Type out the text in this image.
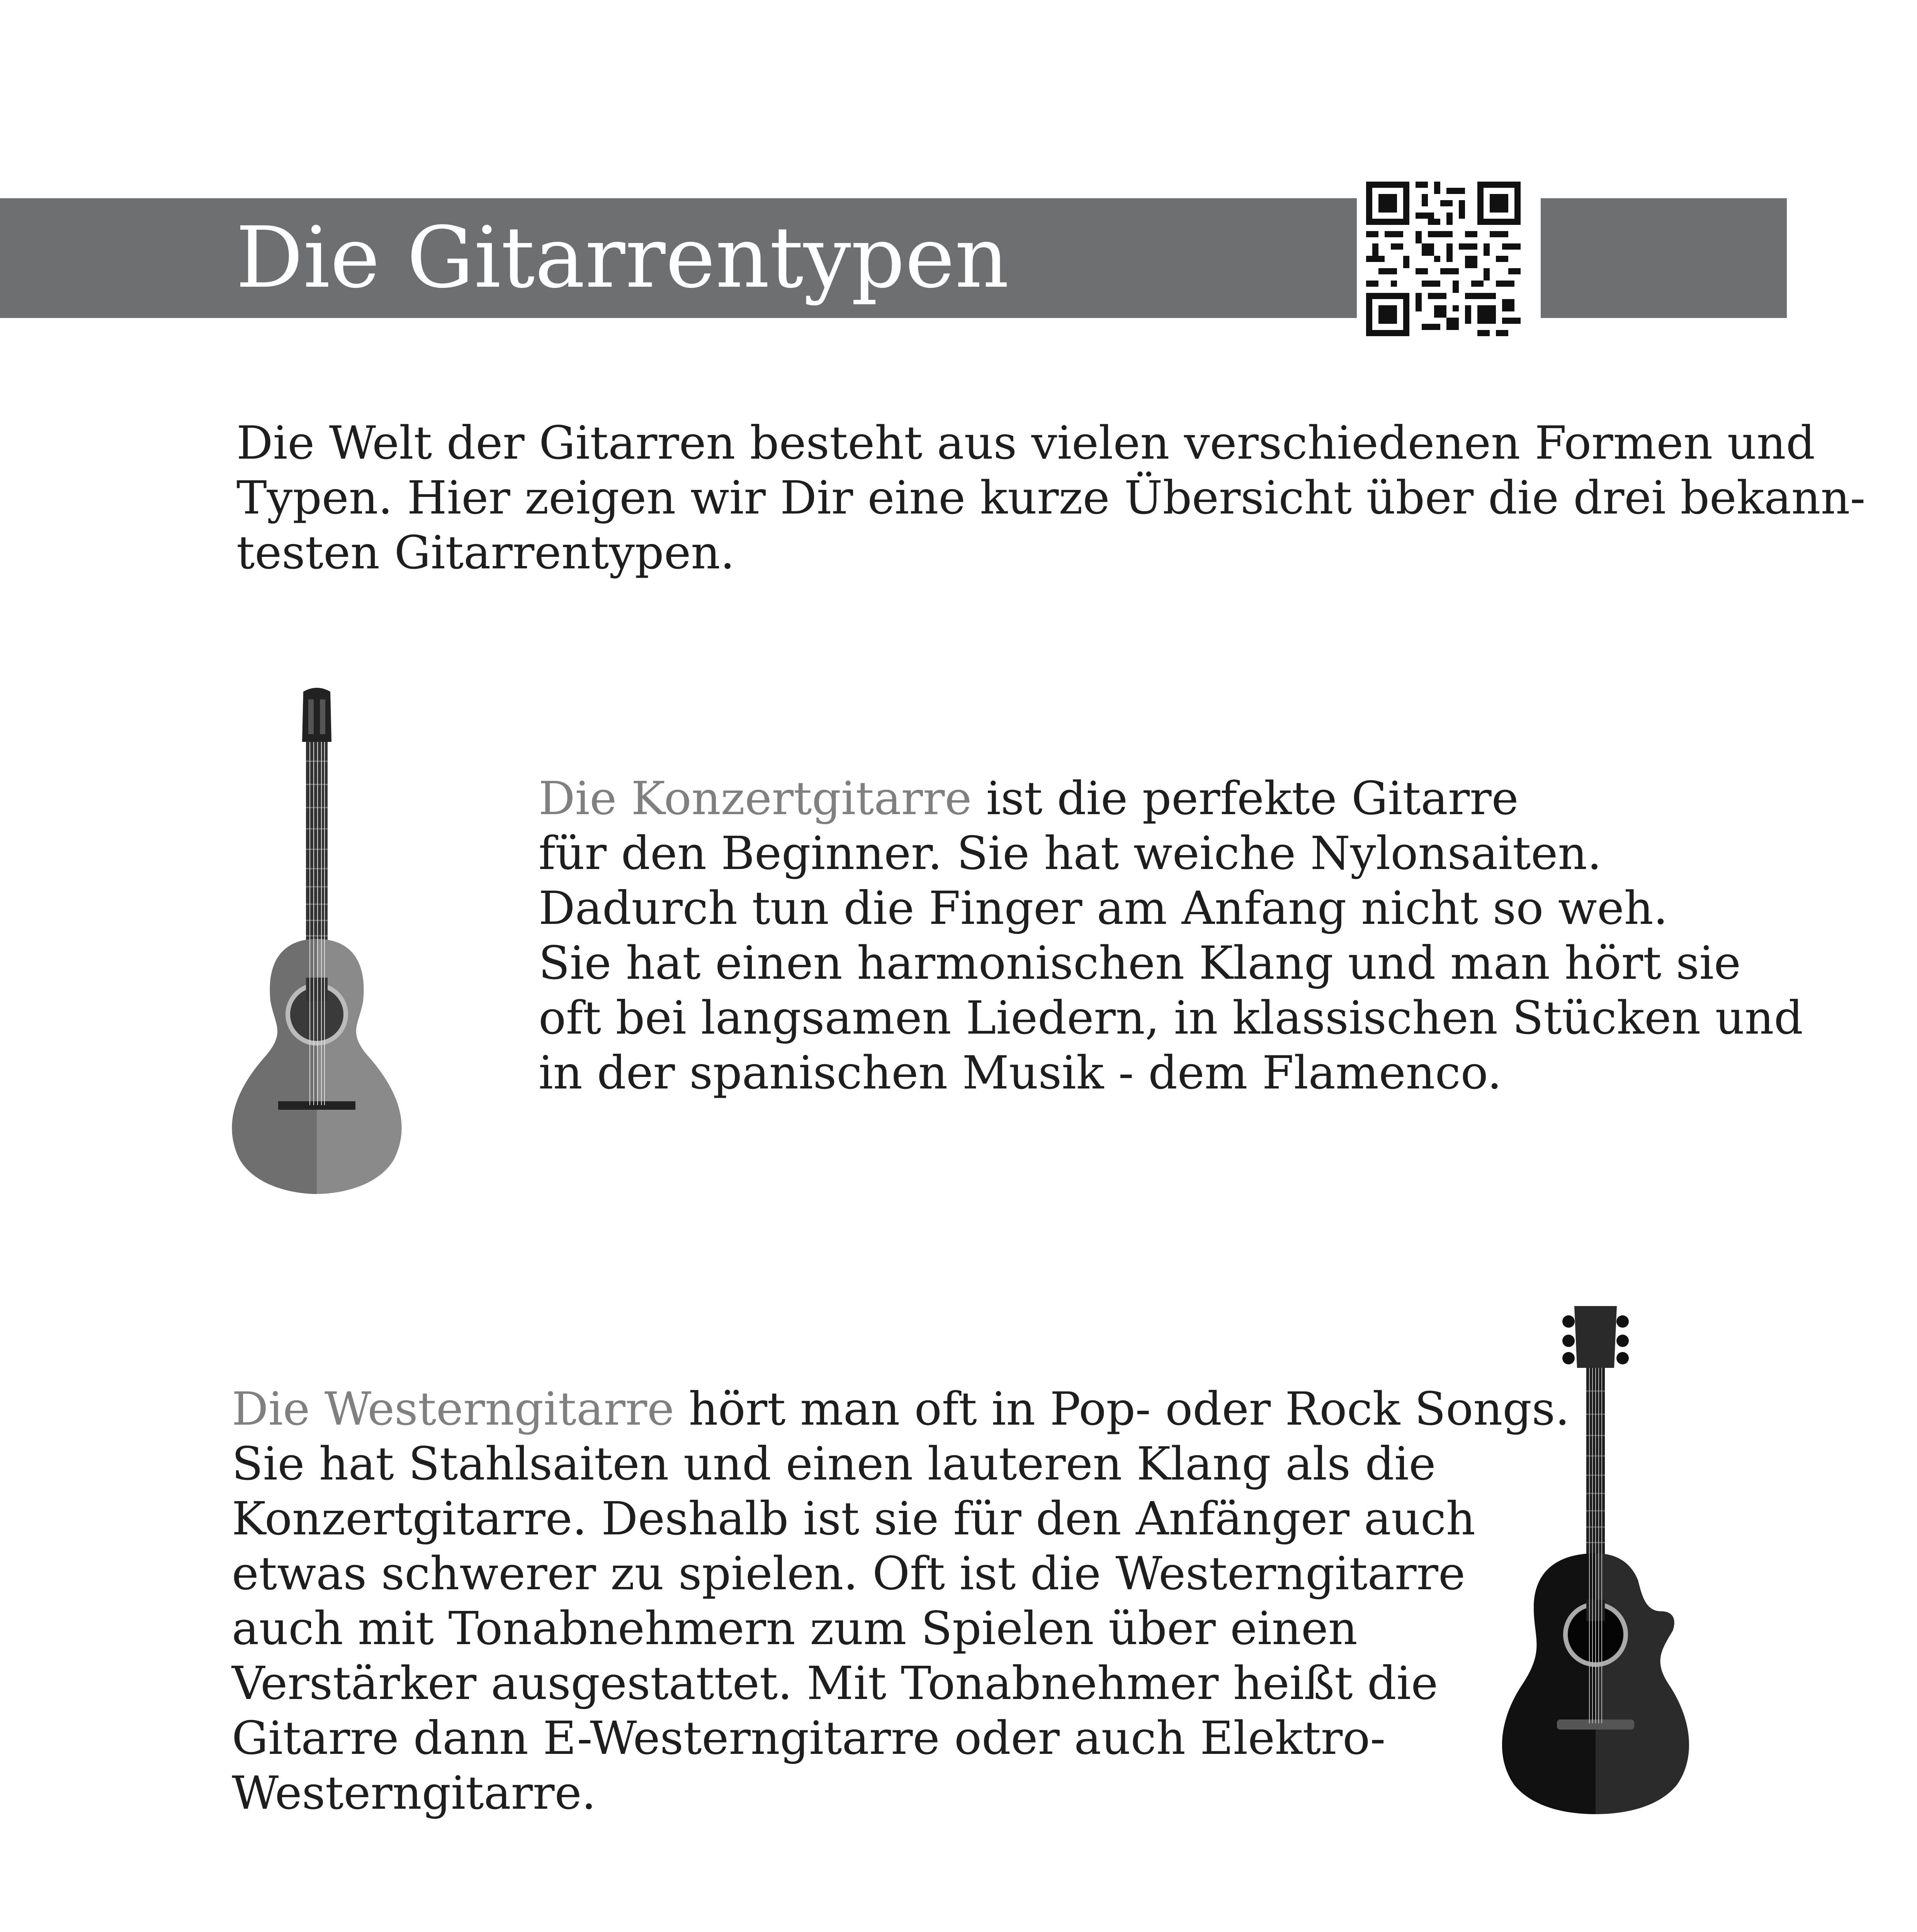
Die Gitarrentypen
Die Welt der Gitarren besteht aus vielen verschiedenen Formen und
Typen. Hier zeigen wir Dir eine kurze Übersicht über die drei bekann-
testen Gitarrentypen.
Die Konzertgitarre ist die perfekte Gitarre
für den Beginner. Sie hat weiche Nylonsaiten.
Dadurch tun die Finger am Anfang nicht so weh.
Sie hat einen harmonischen Klang und man hört sie
oft bei langsamen Liedern, in klassischen Stücken und
in der spanischen Musik - dem Flamenco.
Die Westerngitarre hört man oft in Pop- oder Rock Songs.
Sie hat Stahlsaiten und einen lauteren Klang als die
Konzertgitarre. Deshalb ist sie für den Anfänger auch
etwas schwerer zu spielen. Oft ist die Westerngitarre
auch mit Tonabnehmern zum Spielen über einen
Verstärker ausgestattet. Mit Tonabnehmer heißt die
Gitarre dann E-Westerngitarre oder auch Elektro-
Westerngitarre.
